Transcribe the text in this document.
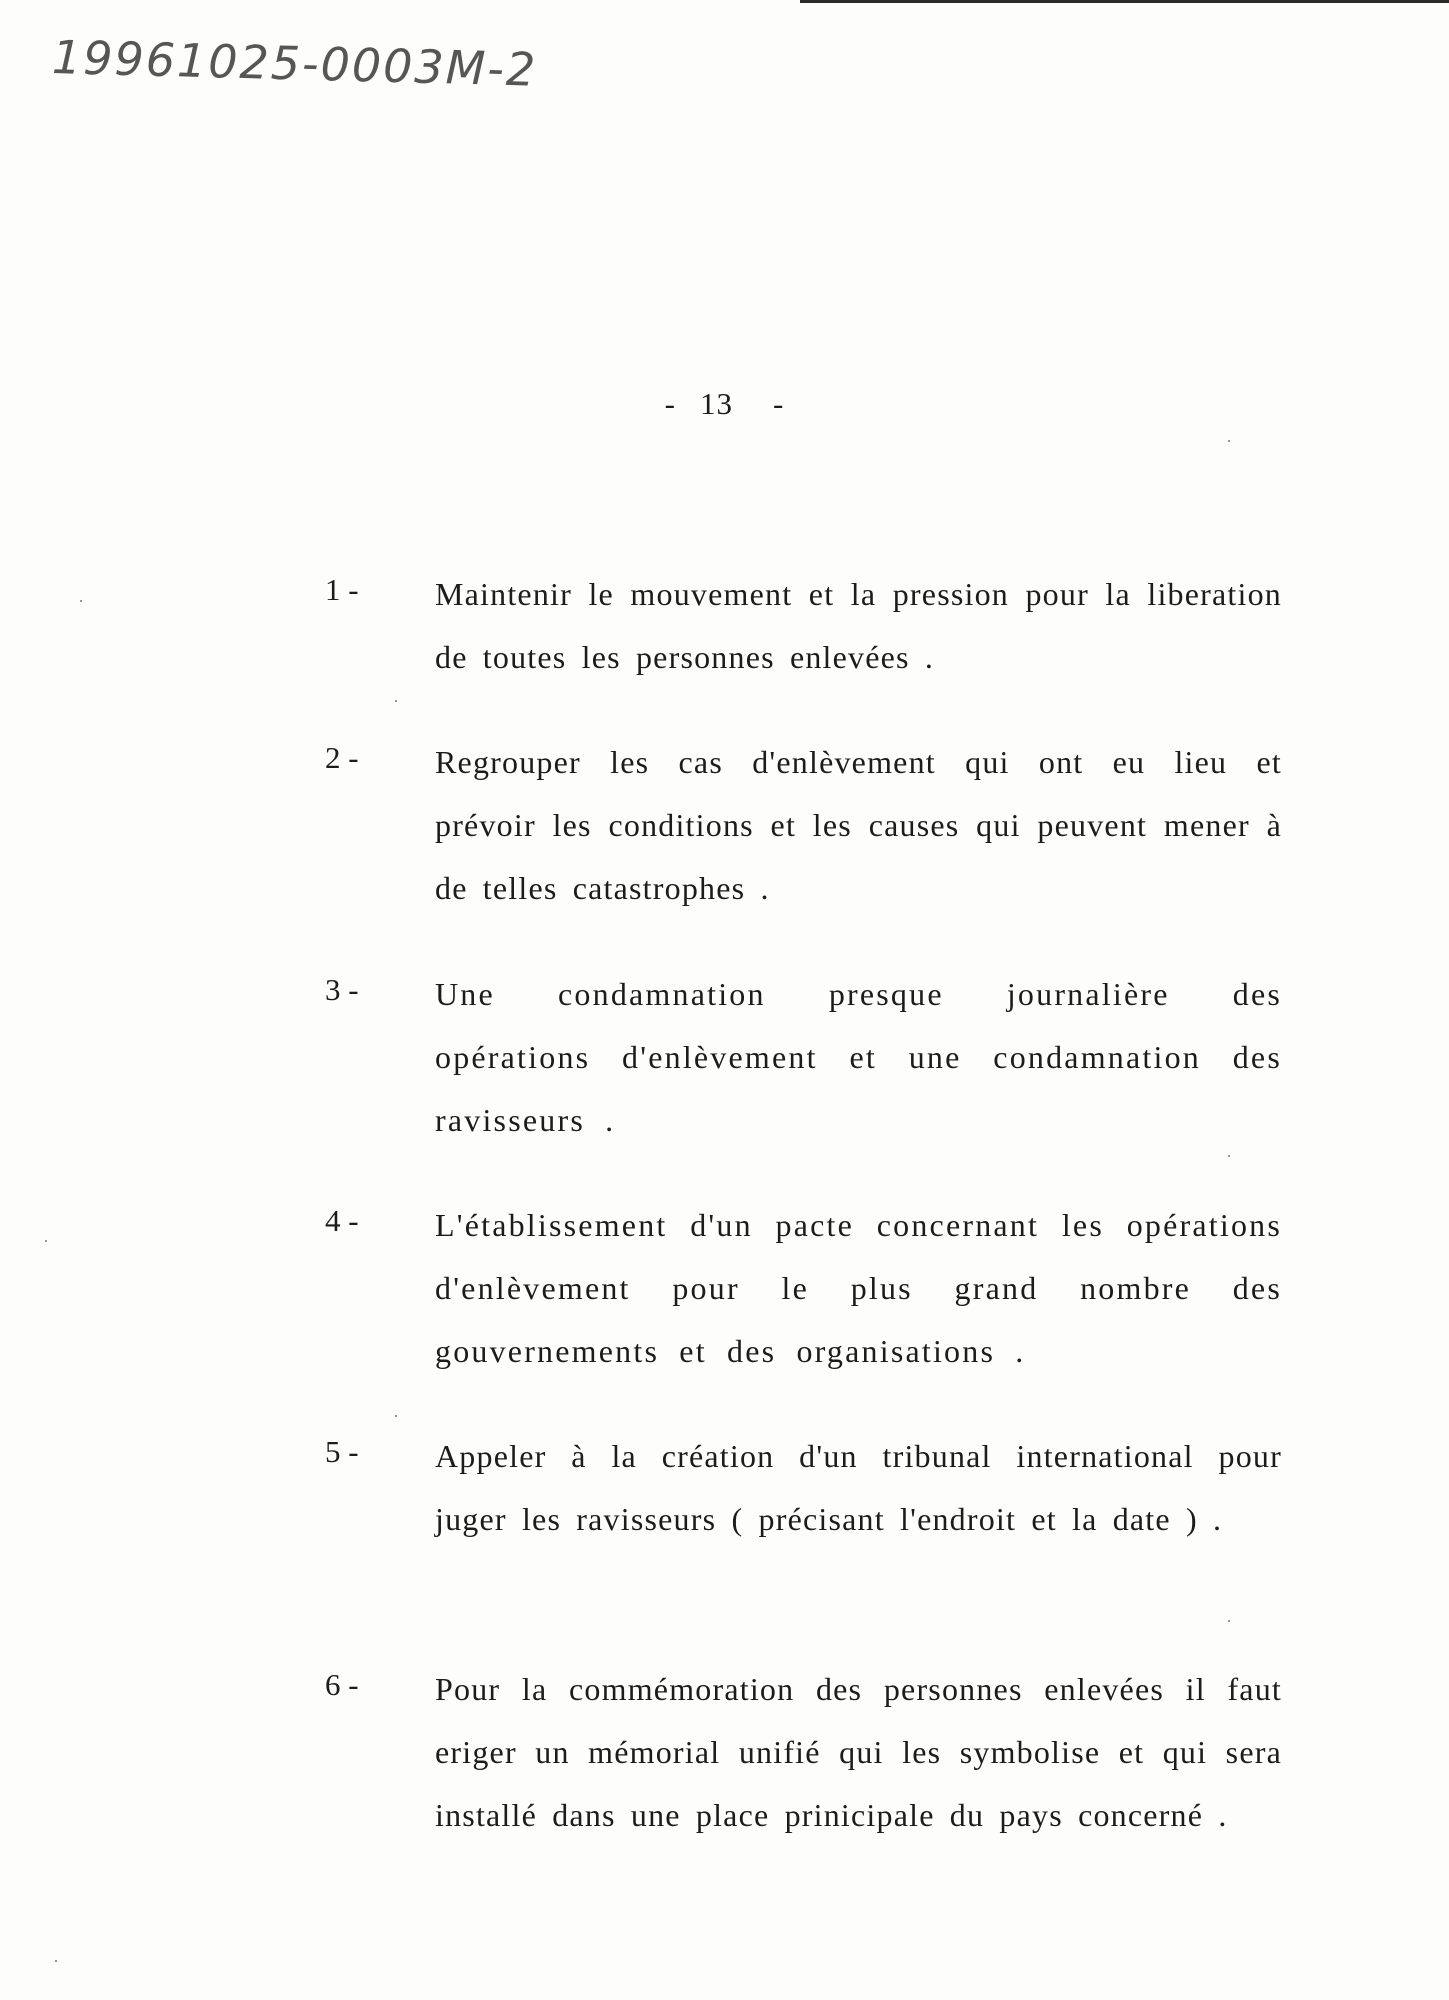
19961025-0003M-2
- 13 -
1 - Maintenir le mouvement et la pression pour la liberation de toutes les personnes enlevées .
2 - Regrouper les cas d'enlèvement qui ont eu lieu et prévoir les conditions et les causes qui peuvent mener à de telles catastrophes .
3 - Une condamnation presque journalière des opérations d'enlèvement et une condamnation des ravisseurs .
4 - L'établissement d'un pacte concernant les opérations d'enlèvement pour le plus grand nombre des gouvernements et des organisations .
5 - Appeler à la création d'un tribunal international pour juger les ravisseurs ( précisant l'endroit et la date ) .
6 - Pour la commémoration des personnes enlevées il faut eriger un mémorial unifié qui les symbolise et qui sera installé dans une place prinicipale du pays concerné .
